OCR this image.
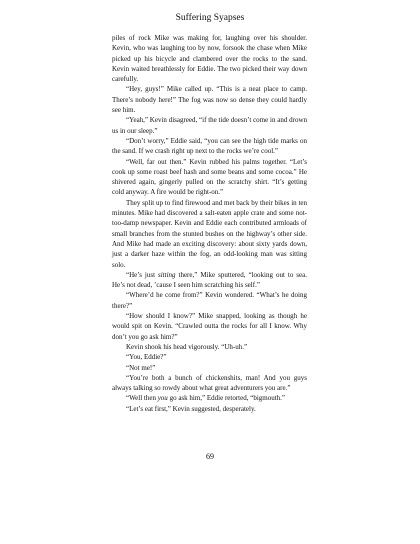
Suffering Syapses

piles of rock Mike was making for, laughing over his shoulder. Kevin, who was laughing too by now, forsook the chase when Mike picked up his bicycle and clambered over the rocks to the sand. Kevin waited breathlessly for Eddie. The two picked their way down carefully.

“Hey, guys!” Mike called up. “This is a neat place to camp. There’s nobody here!” The fog was now so dense they could hardly see him.

“Yeah,” Kevin disagreed, “if the tide doesn’t come in and drown us in our sleep.”

“Don’t worry,” Eddie said, “you can see the high tide marks on the sand. If we crash right up next to the rocks we’re cool.”

“Well, far out then.” Kevin rubbed his palms together. “Let’s cook up some roast beef hash and some beans and some cocoa.” He shivered again, gingerly pulled on the scratchy shirt. “It’s getting cold anyway. A fire would be right-on.”

They split up to find firewood and met back by their bikes in ten minutes. Mike had discovered a salt-eaten apple crate and some not-too-damp newspaper. Kevin and Eddie each contributed armloads of small branches from the stunted bushes on the highway’s other side. And Mike had made an exciting discovery: about sixty yards down, just a darker haze within the fog, an odd-looking man was sitting solo.

“He’s just sitting there,” Mike sputtered, “looking out to sea. He’s not dead, ’cause I seen him scratching his self.”

“Where’d he come from?” Kevin wondered. “What’s he doing there?”

“How should I know?” Mike snapped, looking as though he would spit on Kevin. “Crawled outta the rocks for all I know. Why don’t you go ask him?”

Kevin shook his head vigorously. “Uh-uh.”

“You, Eddie?”

“Not me!”

“You’re both a bunch of chickenshits, man! And you guys always talking so rowdy about what great adventurers you are.”

“Well then you go ask him,” Eddie retorted, “bigmouth.”

“Let’s eat first,” Kevin suggested, desperately.

69
